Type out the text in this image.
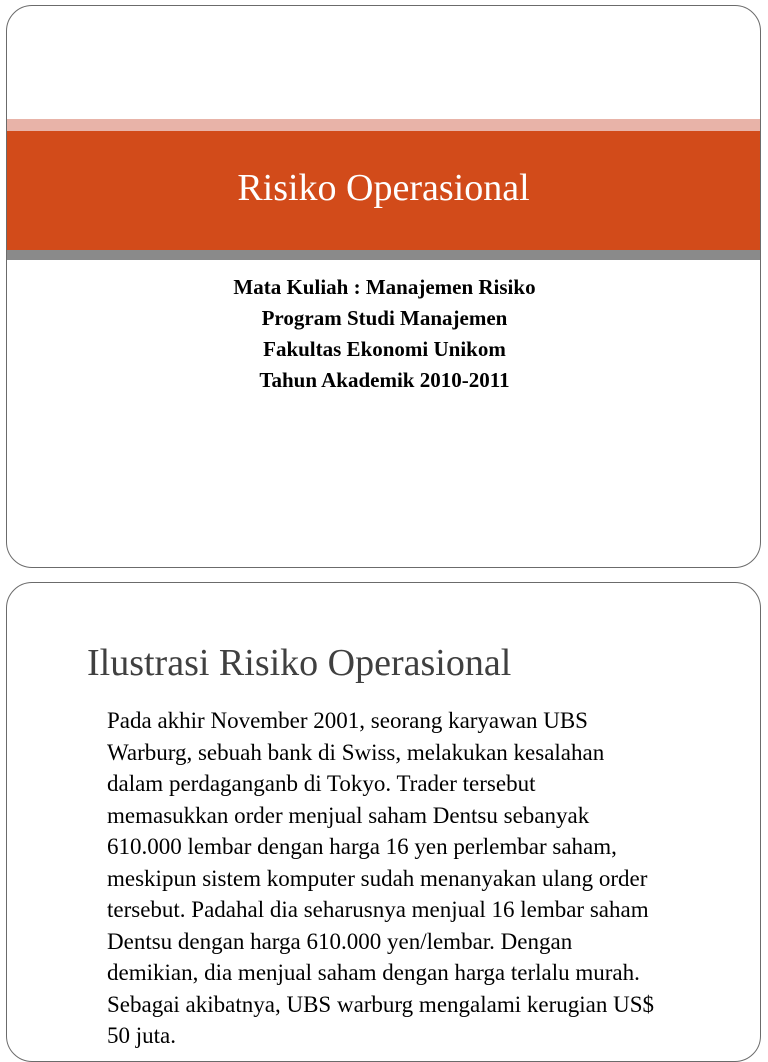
Risiko Operasional
Mata Kuliah : Manajemen Risiko
Program Studi Manajemen
Fakultas Ekonomi Unikom
Tahun Akademik 2010-2011
Ilustrasi Risiko Operasional
Pada akhir November 2001, seorang karyawan UBS
Warburg, sebuah bank di Swiss, melakukan kesalahan
dalam perdaganganb di Tokyo. Trader tersebut
memasukkan order menjual saham Dentsu sebanyak
610.000 lembar dengan harga 16 yen perlembar saham,
meskipun sistem komputer sudah menanyakan ulang order
tersebut. Padahal dia seharusnya menjual 16 lembar saham
Dentsu dengan harga 610.000 yen/lembar. Dengan
demikian, dia menjual saham dengan harga terlalu murah.
Sebagai akibatnya, UBS warburg mengalami kerugian US$
50 juta.
